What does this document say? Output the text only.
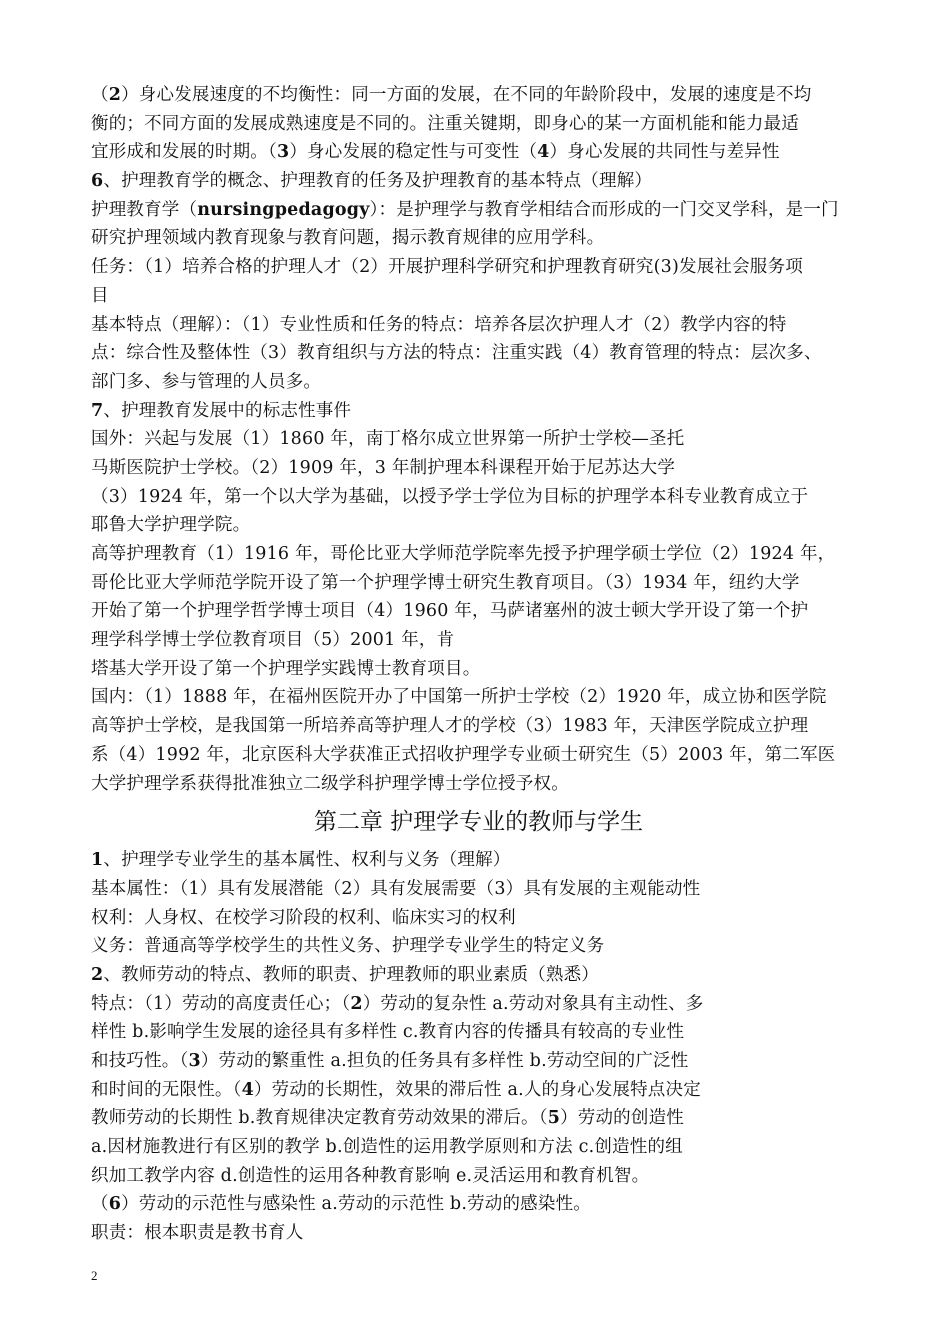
（2）身心发展速度的不均衡性：同一方面的发展，在不同的年龄阶段中，发展的速度是不均
衡的；不同方面的发展成熟速度是不同的。注重关键期，即身心的某一方面机能和能力最适
宜形成和发展的时期。（3）身心发展的稳定性与可变性（4）身心发展的共同性与差异性
6、护理教育学的概念、护理教育的任务及护理教育的基本特点（理解）
护理教育学（nursingpedagogy）：是护理学与教育学相结合而形成的一门交叉学科，是一门
研究护理领域内教育现象与教育问题，揭示教育规律的应用学科。
任务：（1）培养合格的护理人才（2）开展护理科学研究和护理教育研究(3)发展社会服务项
目
基本特点（理解）：（1）专业性质和任务的特点：培养各层次护理人才（2）教学内容的特
点：综合性及整体性（3）教育组织与方法的特点：注重实践（4）教育管理的特点：层次多、
部门多、参与管理的人员多。
7、护理教育发展中的标志性事件
国外：兴起与发展（1）1860 年，南丁格尔成立世界第一所护士学校—圣托
马斯医院护士学校。（2）1909 年，3 年制护理本科课程开始于尼苏达大学
（3）1924 年，第一个以大学为基础，以授予学士学位为目标的护理学本科专业教育成立于
耶鲁大学护理学院。
高等护理教育（1）1916 年，哥伦比亚大学师范学院率先授予护理学硕士学位（2）1924 年，
哥伦比亚大学师范学院开设了第一个护理学博士研究生教育项目。（3）1934 年，纽约大学
开始了第一个护理学哲学博士项目（4）1960 年，马萨诸塞州的波士顿大学开设了第一个护
理学科学博士学位教育项目（5）2001 年，肯
塔基大学开设了第一个护理学实践博士教育项目。
国内：（1）1888 年，在福州医院开办了中国第一所护士学校（2）1920 年，成立协和医学院
高等护士学校，是我国第一所培养高等护理人才的学校（3）1983 年，天津医学院成立护理
系（4）1992 年，北京医科大学获准正式招收护理学专业硕士研究生（5）2003 年，第二军医
大学护理学系获得批准独立二级学科护理学博士学位授予权。
第二章 护理学专业的教师与学生
1、护理学专业学生的基本属性、权利与义务（理解）
基本属性：（1）具有发展潜能（2）具有发展需要（3）具有发展的主观能动性
权利：人身权、在校学习阶段的权利、临床实习的权利
义务：普通高等学校学生的共性义务、护理学专业学生的特定义务
2、教师劳动的特点、教师的职责、护理教师的职业素质（熟悉）
特点：（1）劳动的高度责任心；（2）劳动的复杂性 a.劳动对象具有主动性、多
样性 b.影响学生发展的途径具有多样性 c.教育内容的传播具有较高的专业性
和技巧性。（3）劳动的繁重性 a.担负的任务具有多样性 b.劳动空间的广泛性
和时间的无限性。（4）劳动的长期性，效果的滞后性 a.人的身心发展特点决定
教师劳动的长期性 b.教育规律决定教育劳动效果的滞后。（5）劳动的创造性
a.因材施教进行有区别的教学 b.创造性的运用教学原则和方法 c.创造性的组
织加工教学内容 d.创造性的运用各种教育影响 e.灵活运用和教育机智。
（6）劳动的示范性与感染性 a.劳动的示范性 b.劳动的感染性。
职责：根本职责是教书育人
2
